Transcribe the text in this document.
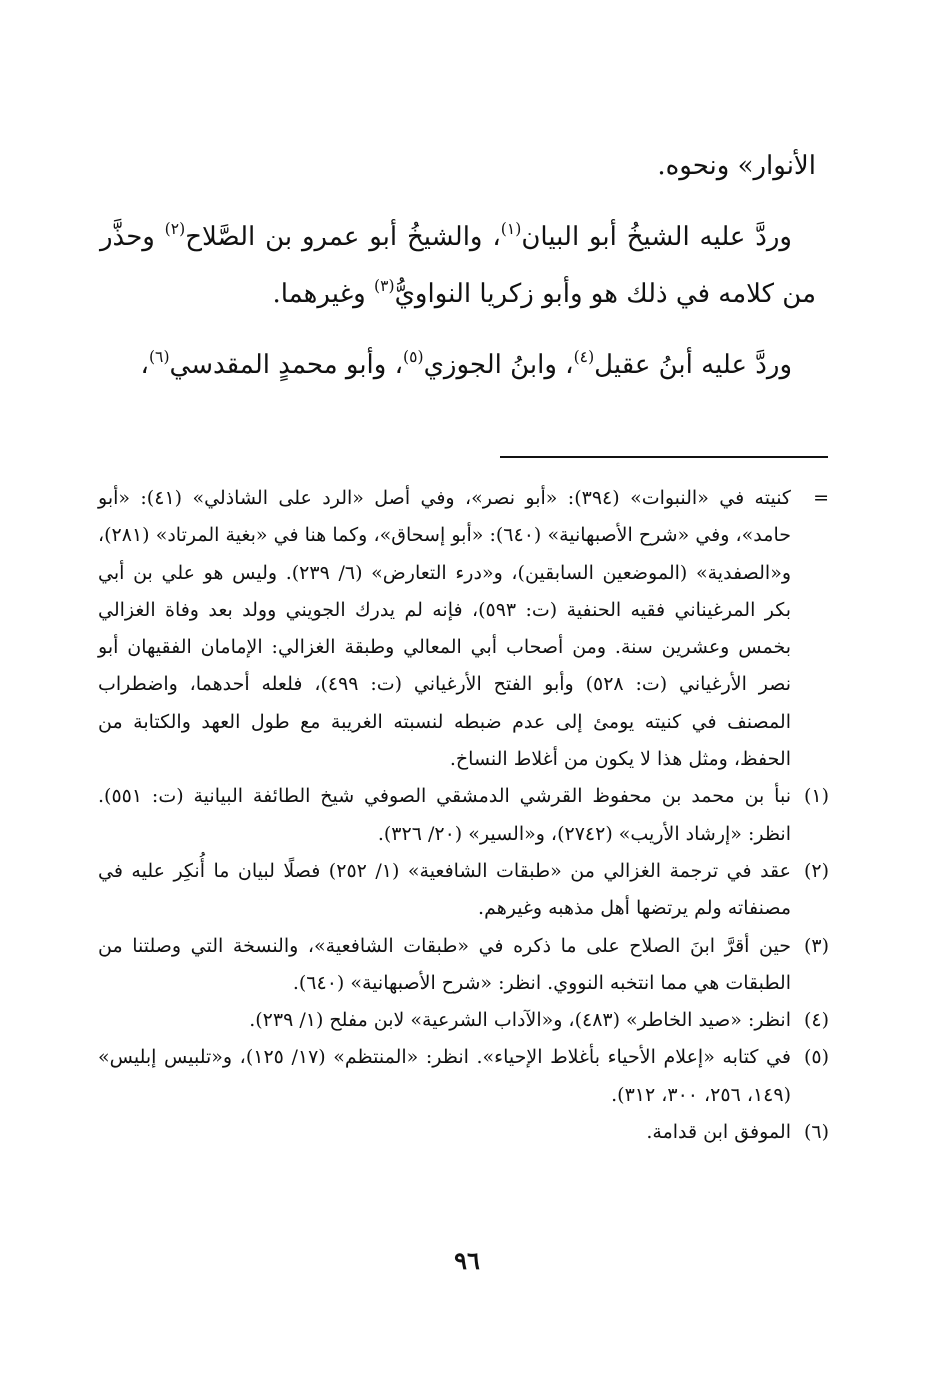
الأنوار» ونحوه.

وردَّ عليه الشيخُ أبو البيان$^{(١)}$، والشيخُ أبو عمرو بن الصَّلاح$^{(٢)}$ وحذَّر من كلامه في ذلك هو وأبو زكريا النواويُّ$^{(٣)}$ وغيرهما.

وردَّ عليه أبنُ عقيل$^{(٤)}$، وابنُ الجوزي$^{(٥)}$، وأبو محمدٍ المقدسي$^{(٦)}$،

=
كنيته في «النبوات» (٣٩٤): «أبو نصر»، وفي أصل «الرد على الشاذلي» (٤١): «أبو حامد»، وفي «شرح الأصبهانية» (٦٤٠): «أبو إسحاق»، وكما هنا في «بغية المرتاد» (٢٨١)، و«الصفدية» (الموضعين السابقين)، و«درء التعارض» (٦/ ٢٣٩). وليس هو علي بن أبي بكر المرغيناني فقيه الحنفية (ت: ٥٩٣)، فإنه لم يدرك الجويني وولد بعد وفاة الغزالي بخمس وعشرين سنة. ومن أصحاب أبي المعالي وطبقة الغزالي: الإمامان الفقيهان أبو نصر الأرغياني (ت: ٥٢٨) وأبو الفتح الأرغياني (ت: ٤٩٩)، فلعله أحدهما، واضطراب المصنف في كنيته يومئ إلى عدم ضبطه لنسبته الغريبة مع طول العهد والكتابة من الحفظ، ومثل هذا لا يكون من أغلاط النساخ.
(١)
نبأ بن محمد بن محفوظ القرشي الدمشقي الصوفي شيخ الطائفة البيانية (ت: ٥٥١). انظر: «إرشاد الأريب» (٢٧٤٢)، و«السير» (٢٠/ ٣٢٦).
(٢)
عقد في ترجمة الغزالي من «طبقات الشافعية» (١/ ٢٥٢) فصلًا لبيان ما أُنكِر عليه في مصنفاته ولم يرتضها أهل مذهبه وغيرهم.
(٣)
حين أقرَّ ابنَ الصلاح على ما ذكره في «طبقات الشافعية»، والنسخة التي وصلتنا من الطبقات هي مما انتخبه النووي. انظر: «شرح الأصبهانية» (٦٤٠).
(٤)
انظر: «صيد الخاطر» (٤٨٣)، و«الآداب الشرعية» لابن مفلح (١/ ٢٣٩).
(٥)
في كتابه «إعلام الأحياء بأغلاط الإحياء». انظر: «المنتظم» (١٧/ ١٢٥)، و«تلبيس إبليس» (١٤٩، ٢٥٦، ٣٠٠، ٣١٢).
(٦)
الموفق ابن قدامة.
٩٦
